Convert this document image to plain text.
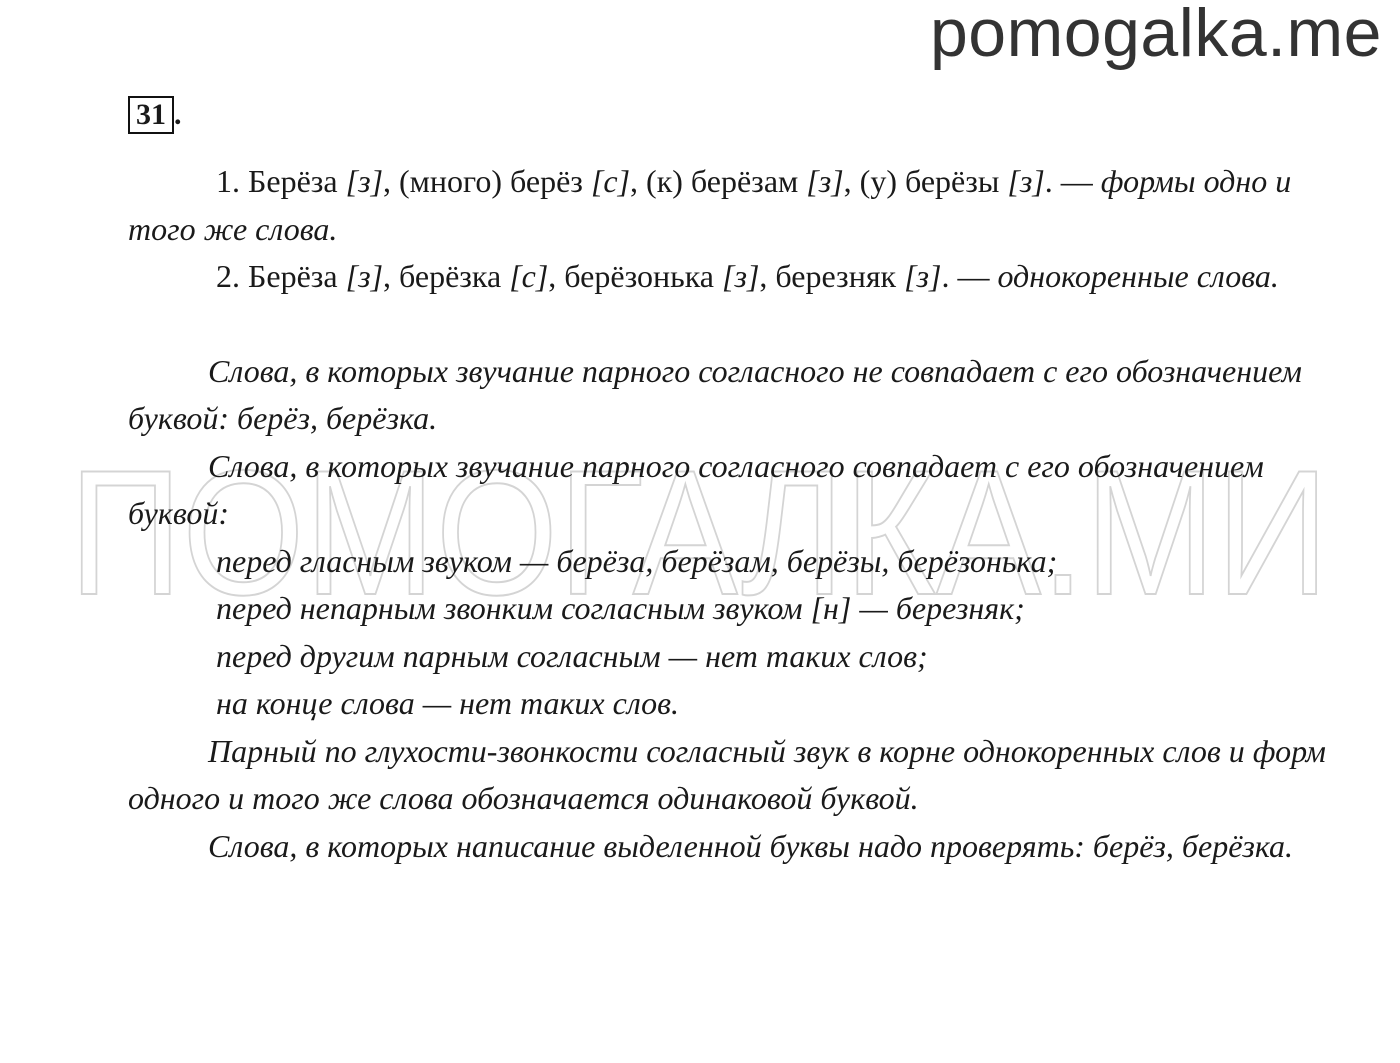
pomogalka.me
ПОМОГАЛКА.МИ
31 .

1. Берёза [з], (много) берёз [с], (к) берёзам [з], (у) берёзы [з]. — формы одно и того же слова.

2. Берёза [з], берёзка [с], берёзонька [з], березняк [з]. — однокоренные слова.

Слова, в которых звучание парного согласного не совпадает с его обозначением буквой: берёз, берёзка.

Слова, в которых звучание парного согласного совпадает с его обозначением буквой:

перед гласным звуком — берёза, берёзам, берёзы, берёзонька;

перед непарным звонким согласным звуком [н] — березняк;

перед другим парным согласным — нет таких слов;

на конце слова — нет таких слов.

Парный по глухости-звонкости согласный звук в корне однокоренных слов и форм одного и того же слова обозначается одинаковой буквой.

Слова, в которых написание выделенной буквы надо проверять: берёз, берёзка.
